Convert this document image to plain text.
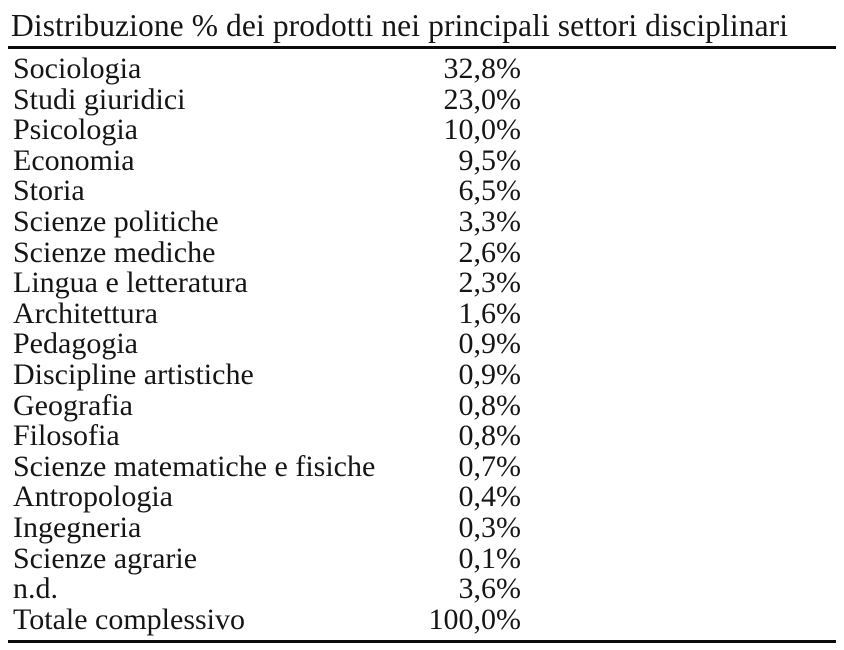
Distribuzione % dei prodotti nei principali settori disciplinari
Sociologia	32,8%
Studi giuridici	23,0%
Psicologia	10,0%
Economia	9,5%
Storia	6,5%
Scienze politiche	3,3%
Scienze mediche	2,6%
Lingua e letteratura	2,3%
Architettura	1,6%
Pedagogia	0,9%
Discipline artistiche	0,9%
Geografia	0,8%
Filosofia	0,8%
Scienze matematiche e fisiche	0,7%
Antropologia	0,4%
Ingegneria	0,3%
Scienze agrarie	0,1%
n.d.	3,6%
Totale complessivo	100,0%
